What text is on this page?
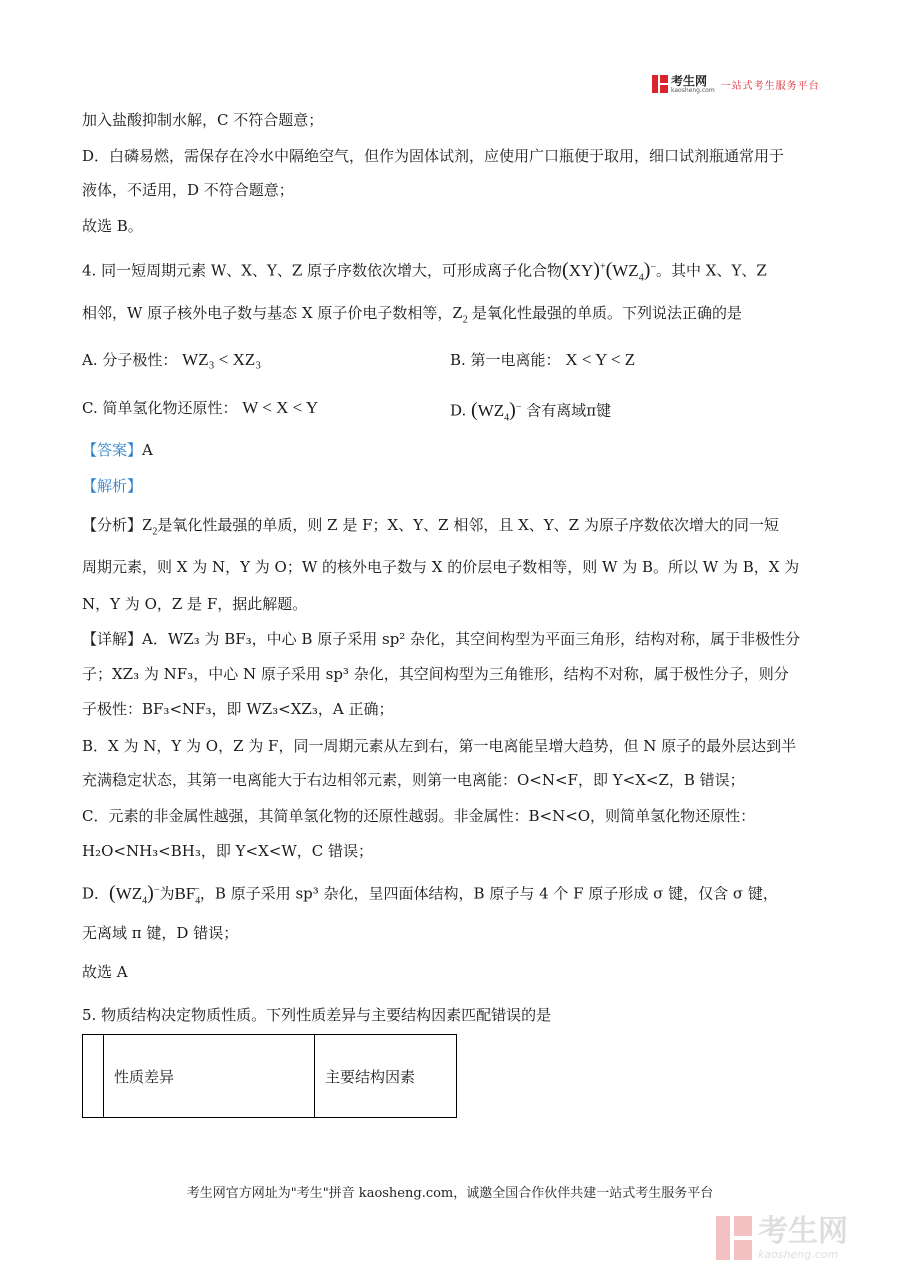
考生网
kaosheng.com 一站式考生服务平台
加入盐酸抑制水解，C 不符合题意；
D．白磷易燃，需保存在冷水中隔绝空气，但作为固体试剂，应使用广口瓶便于取用，细口试剂瓶通常用于
液体，不适用，D 不符合题意；
故选 B。
4. 同一短周期元素 W、X、Y、Z 原子序数依次增大，可形成离子化合物$(XY)^+(WZ_4)^-$。其中 X、Y、Z
相邻，W 原子核外电子数与基态 X 原子价电子数相等，$Z_2$ 是氧化性最强的单质。下列说法正确的是
A. 分子极性： WZ₃ < XZ₃	B. 第一电离能： X < Y < Z
C. 简单氢化物还原性： W < X < Y	D. $(WZ_4)^-$ 含有离域π键
【答案】A
【解析】
【分析】$Z_2$是氧化性最强的单质，则 Z 是 F；X、Y、Z 相邻，且 X、Y、Z 为原子序数依次增大的同一短
周期元素，则 X 为 N，Y 为 O；W 的核外电子数与 X 的价层电子数相等，则 W 为 B。所以 W 为 B，X 为
N，Y 为 O，Z 是 F，据此解题。
【详解】A．WZ₃ 为 BF₃，中心 B 原子采用 sp² 杂化，其空间构型为平面三角形，结构对称，属于非极性分
子；XZ₃ 为 NF₃，中心 N 原子采用 sp³ 杂化，其空间构型为三角锥形，结构不对称，属于极性分子，则分
子极性：BF₃<NF₃，即 WZ₃<XZ₃，A 正确；
B．X 为 N，Y 为 O，Z 为 F，同一周期元素从左到右，第一电离能呈增大趋势，但 N 原子的最外层达到半
充满稳定状态，其第一电离能大于右边相邻元素，则第一电离能：O<N<F，即 Y<X<Z，B 错误；
C．元素的非金属性越强，其简单氢化物的还原性越弱。非金属性：B<N<O，则简单氢化物还原性：
H₂O<NH₃<BH₃，即 Y<X<W，C 错误；
D．$(WZ_4)^-$为$BF_4^-$，B 原子采用 sp³ 杂化，呈四面体结构，B 原子与 4 个 F 原子形成 σ 键，仅含 σ 键，
无离域 π 键，D 错误；
故选 A
5. 物质结构决定物质性质。下列性质差异与主要结构因素匹配错误的是
	性质差异	主要结构因素
考生网官方网址为"考生"拼音 kaosheng.com，诚邀全国合作伙伴共建一站式考生服务平台
考生网
kaosheng.com
